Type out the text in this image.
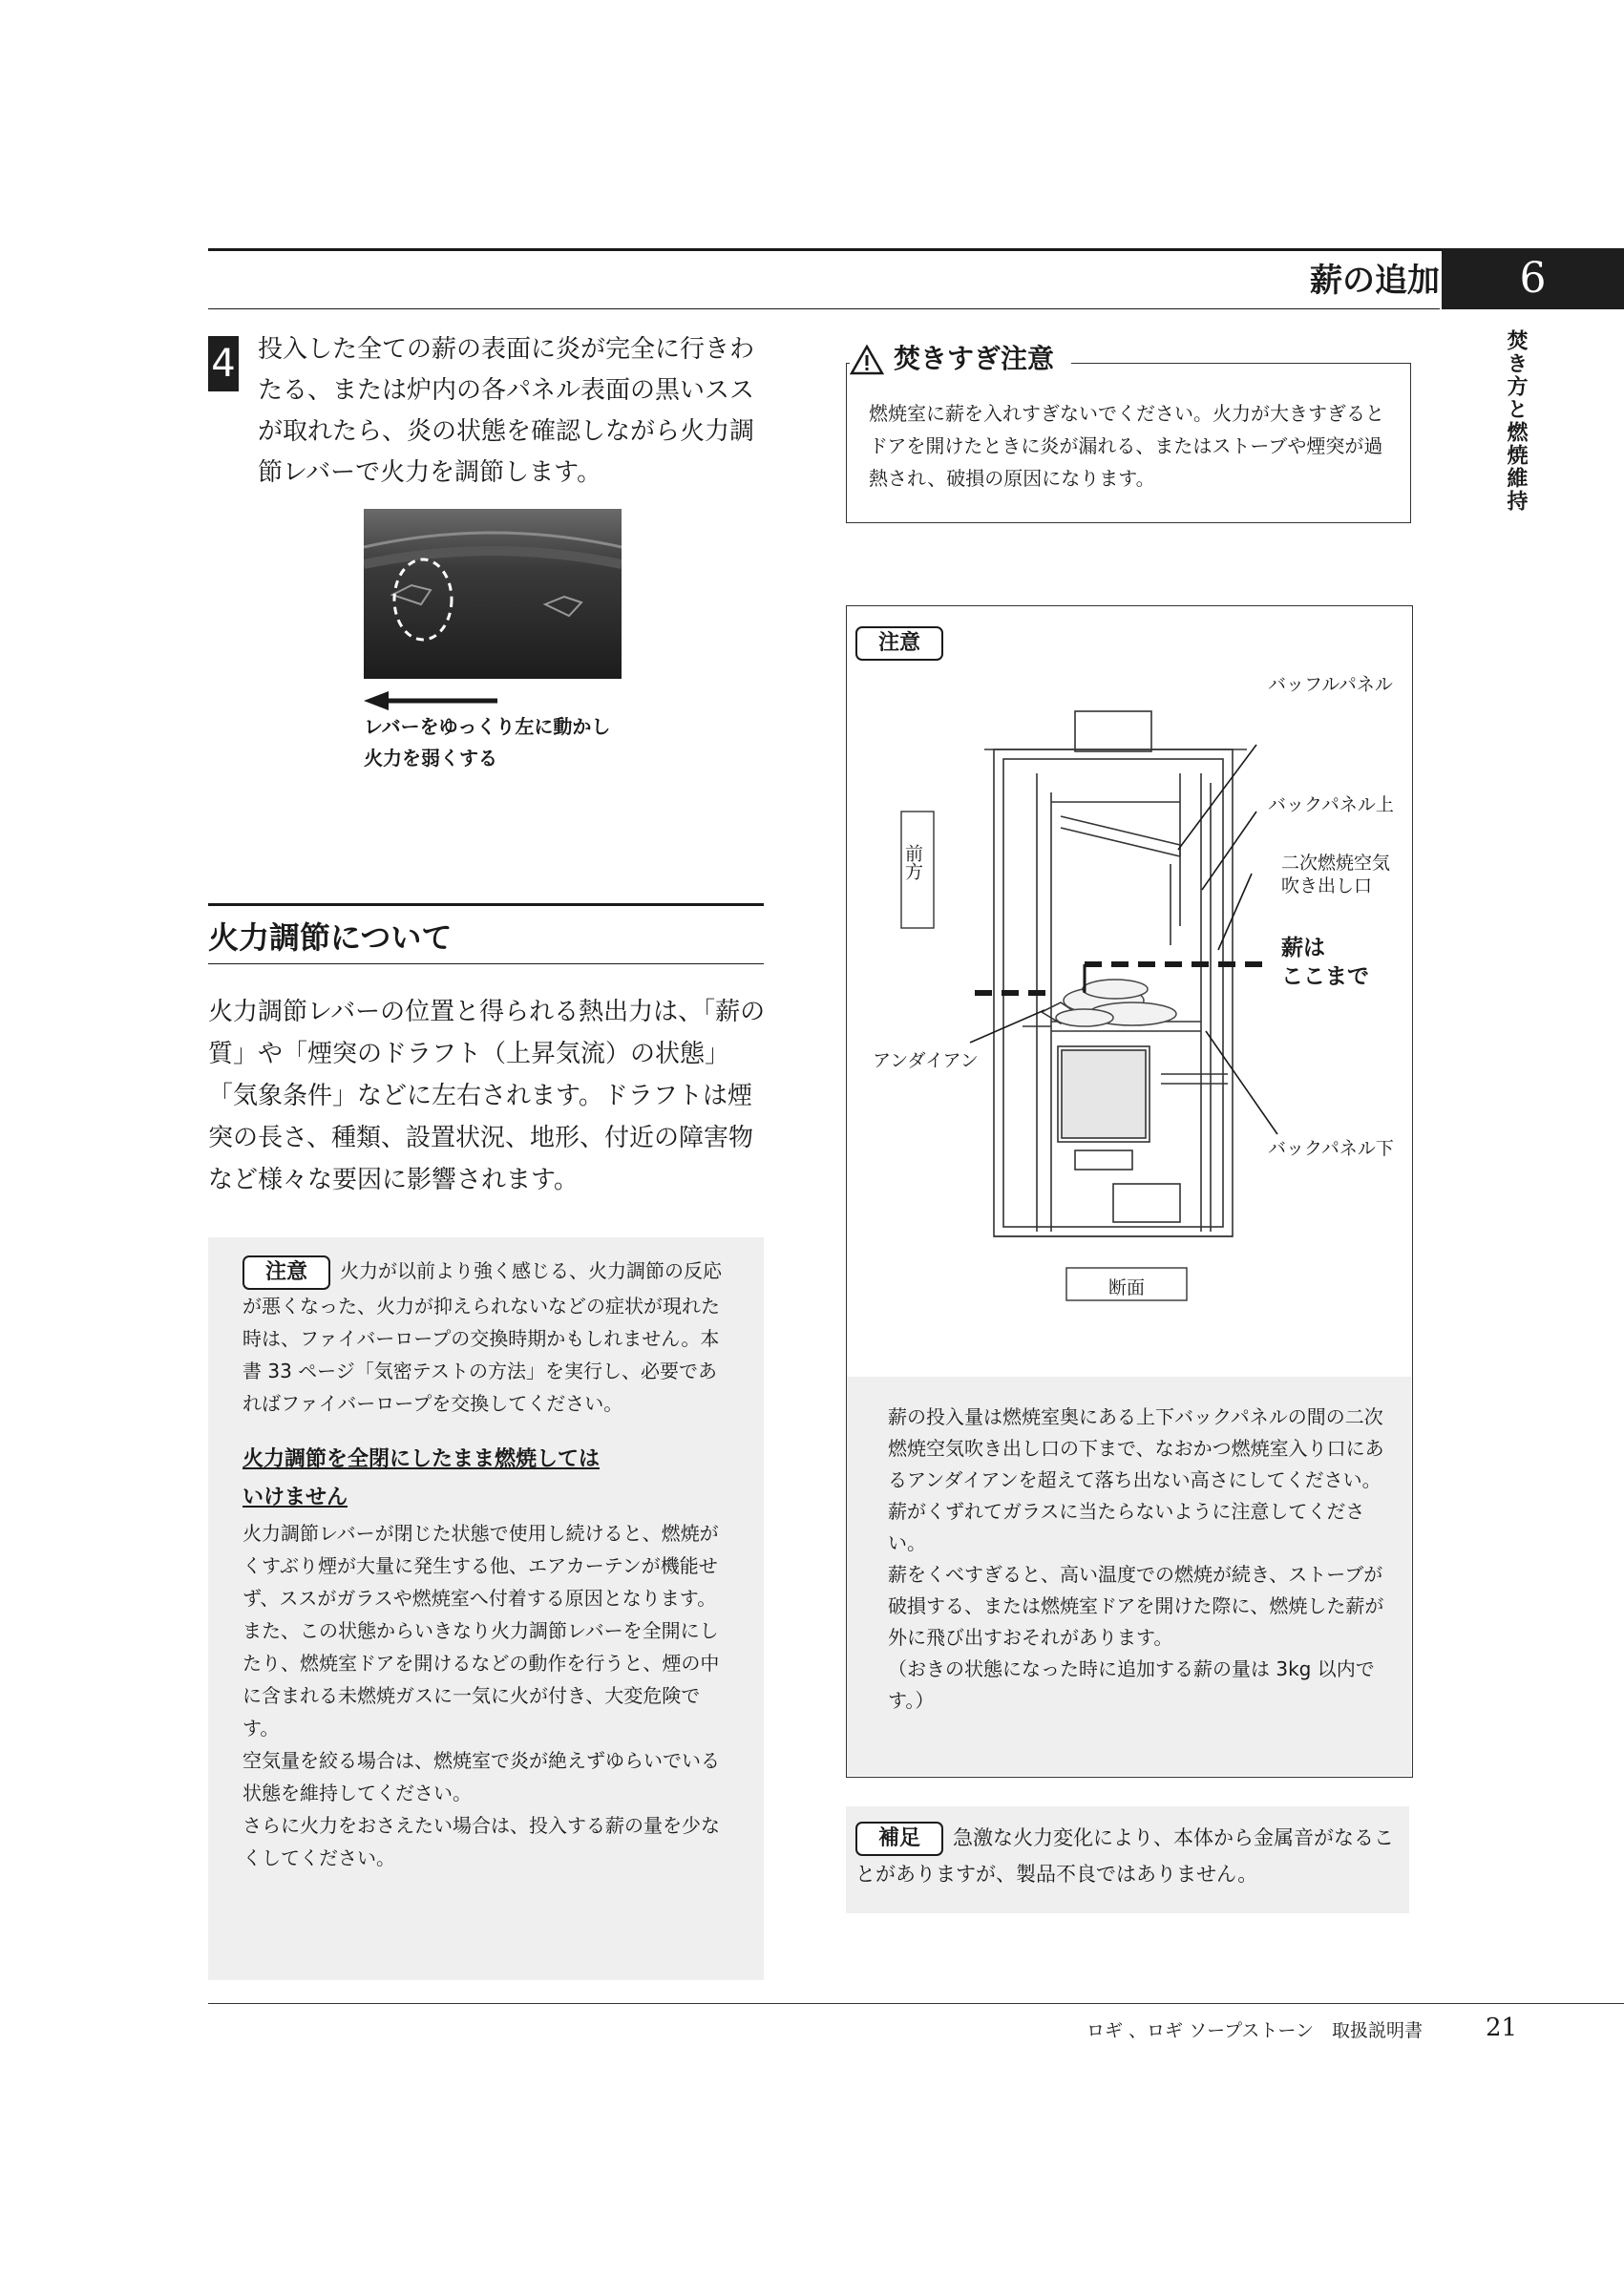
薪の追加	6
焚き方と燃焼維持
4 投入した全ての薪の表面に炎が完全に行きわたる、または炉内の各パネル表面の黒いススが取れたら、炎の状態を確認しながら火力調節レバーで火力を調節します。
レバーをゆっくり左に動かし
火力を弱くする
火力調節について
火力調節レバーの位置と得られる熱出力は、「薪の質」や「煙突のドラフト（上昇気流）の状態」「気象条件」などに左右されます。ドラフトは煙突の長さ、種類、設置状況、地形、付近の障害物など様々な要因に影響されます。
注意 火力が以前より強く感じる、火力調節の反応が悪くなった、火力が抑えられないなどの症状が現れた時は、ファイバーロープの交換時期かもしれません。本書 33 ページ「気密テストの方法」を実行し、必要であればファイバーロープを交換してください。
火力調節を全閉にしたまま燃焼しては
いけません
火力調節レバーが閉じた状態で使用し続けると、燃焼がくすぶり煙が大量に発生する他、エアカーテンが機能せず、ススがガラスや燃焼室へ付着する原因となります。
また、この状態からいきなり火力調節レバーを全開にしたり、燃焼室ドアを開けるなどの動作を行うと、煙の中に含まれる未燃焼ガスに一気に火が付き、大変危険です。
空気量を絞る場合は、燃焼室で炎が絶えずゆらいでいる状態を維持してください。
さらに火力をおさえたい場合は、投入する薪の量を少なくしてください。
焚きすぎ注意
燃焼室に薪を入れすぎないでください。火力が大きすぎるとドアを開けたときに炎が漏れる、またはストーブや煙突が過熱され、破損の原因になります。
注意
バッフルパネル
バックパネル上
二次燃焼空気
吹き出し口
薪は
ここまで
アンダイアン
バックパネル下
前方
断面
薪の投入量は燃焼室奥にある上下バックパネルの間の二次燃焼空気吹き出し口の下まで、なおかつ燃焼室入り口にあるアンダイアンを超えて落ち出ない高さにしてください。
薪がくずれてガラスに当たらないように注意してください。
薪をくべすぎると、高い温度での燃焼が続き、ストーブが破損する、または燃焼室ドアを開けた際に、燃焼した薪が外に飛び出すおそれがあります。
（おきの状態になった時に追加する薪の量は 3kg 以内です。）
補足 急激な火力変化により、本体から金属音がなることがありますが、製品不良ではありません。
ロギ 、ロギ ソープストーン　取扱説明書	21
